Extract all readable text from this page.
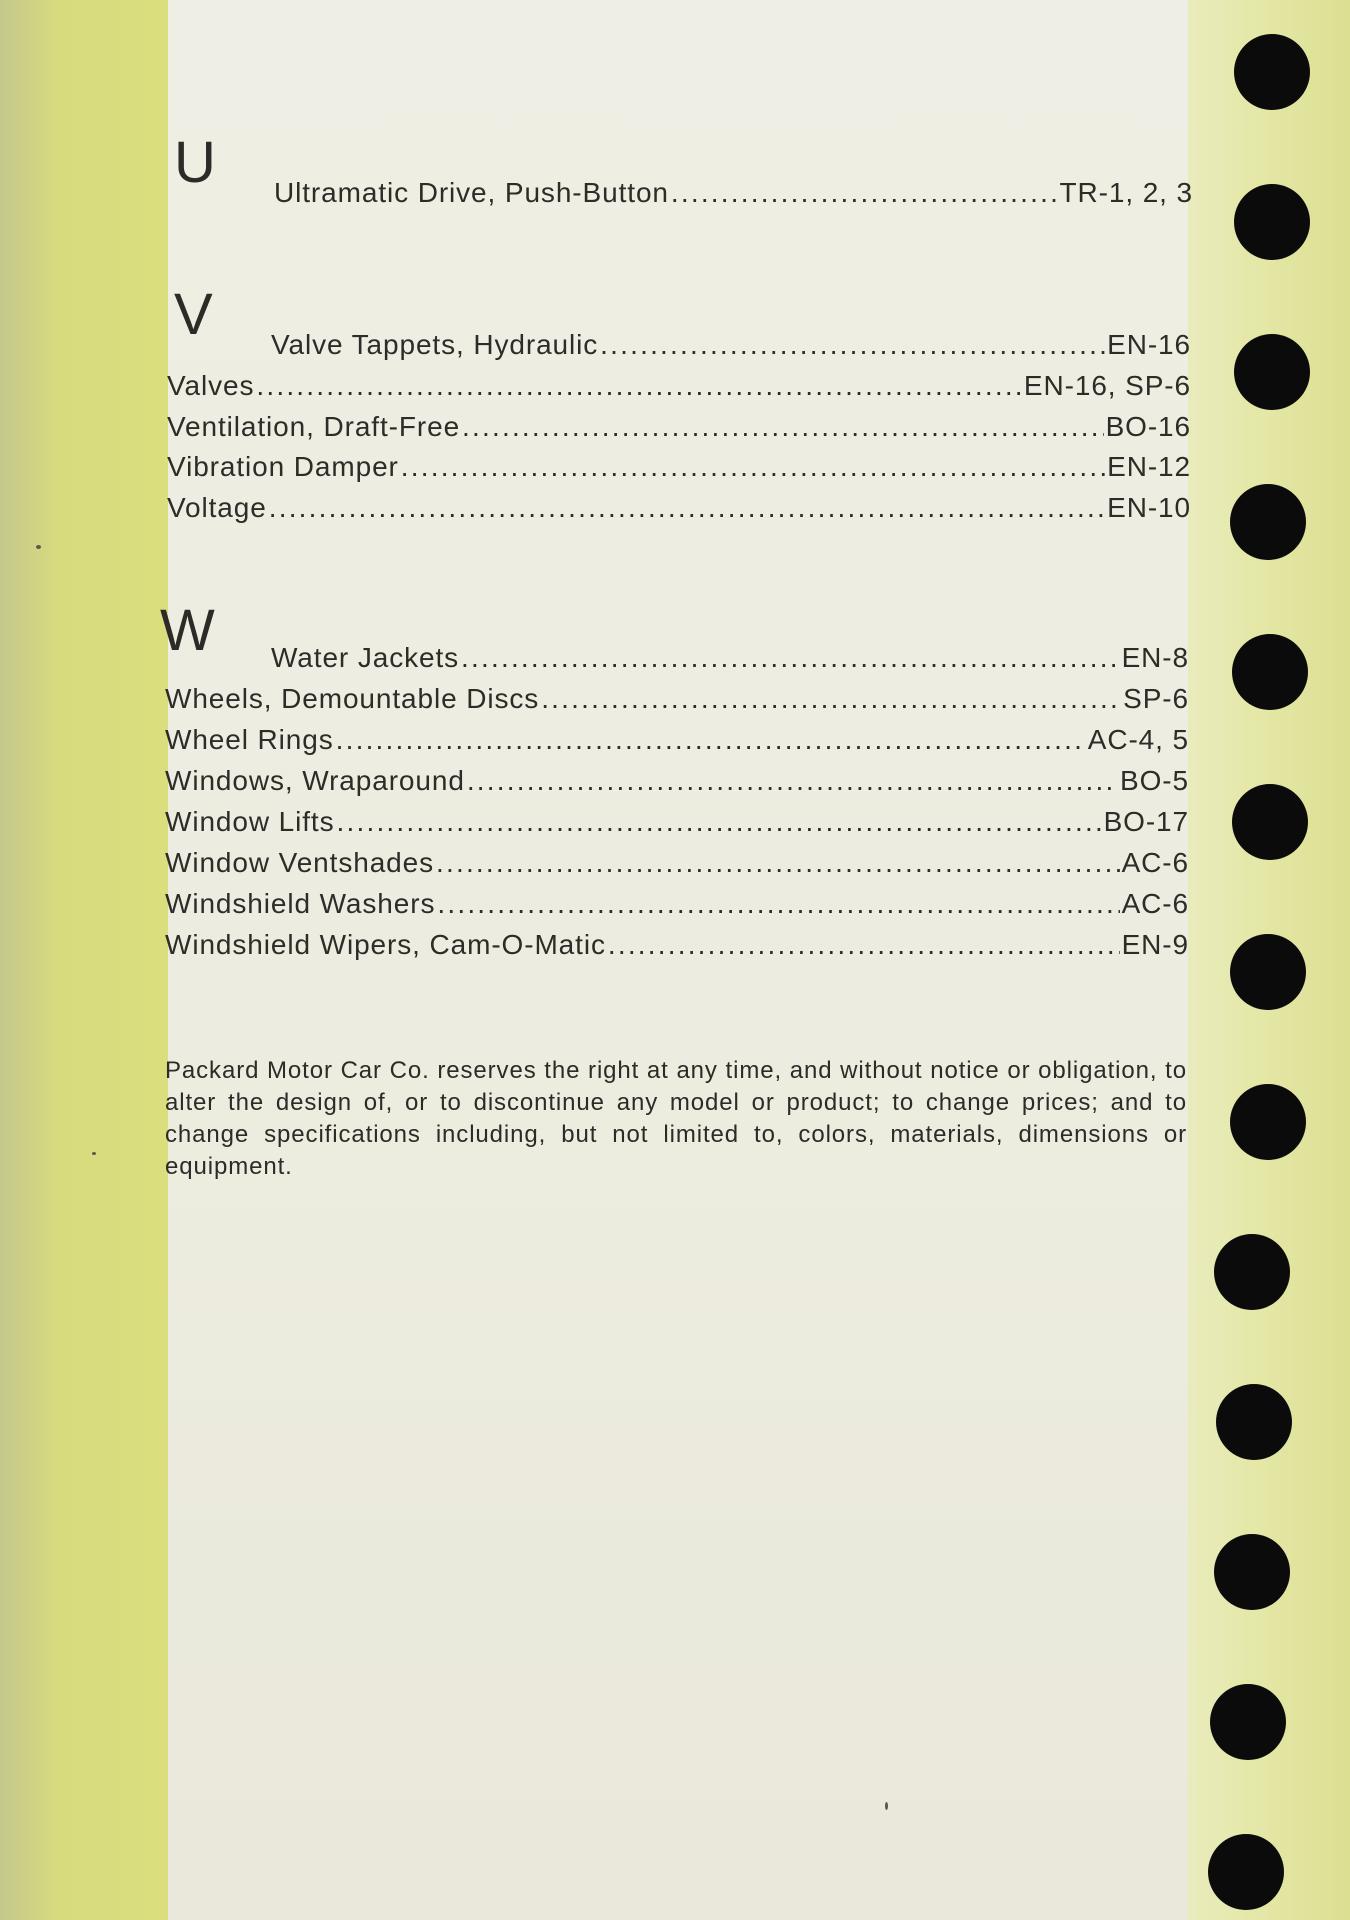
U Ultramatic Drive, Push-Button .....	TR-1, 2, 3
V Valve Tappets, Hydraulic .....	EN-16
Valves .....	EN-16, SP-6
Ventilation, Draft-Free .....	BO-16
Vibration Damper .....	EN-12
Voltage .....	EN-10
W Water Jackets .....	EN-8
Wheels, Demountable Discs .....	SP-6
Wheel Rings .....	AC-4, 5
Windows, Wraparound .....	BO-5
Window Lifts .....	BO-17
Window Ventshades .....	AC-6
Windshield Washers .....	AC-6
Windshield Wipers, Cam-O-Matic .....	EN-9
Packard Motor Car Co. reserves the right at any time, and without notice or obligation, to alter the design of, or to discontinue any model or product; to change prices; and to change specifications including, but not limited to, colors, materials, dimensions or equipment.
